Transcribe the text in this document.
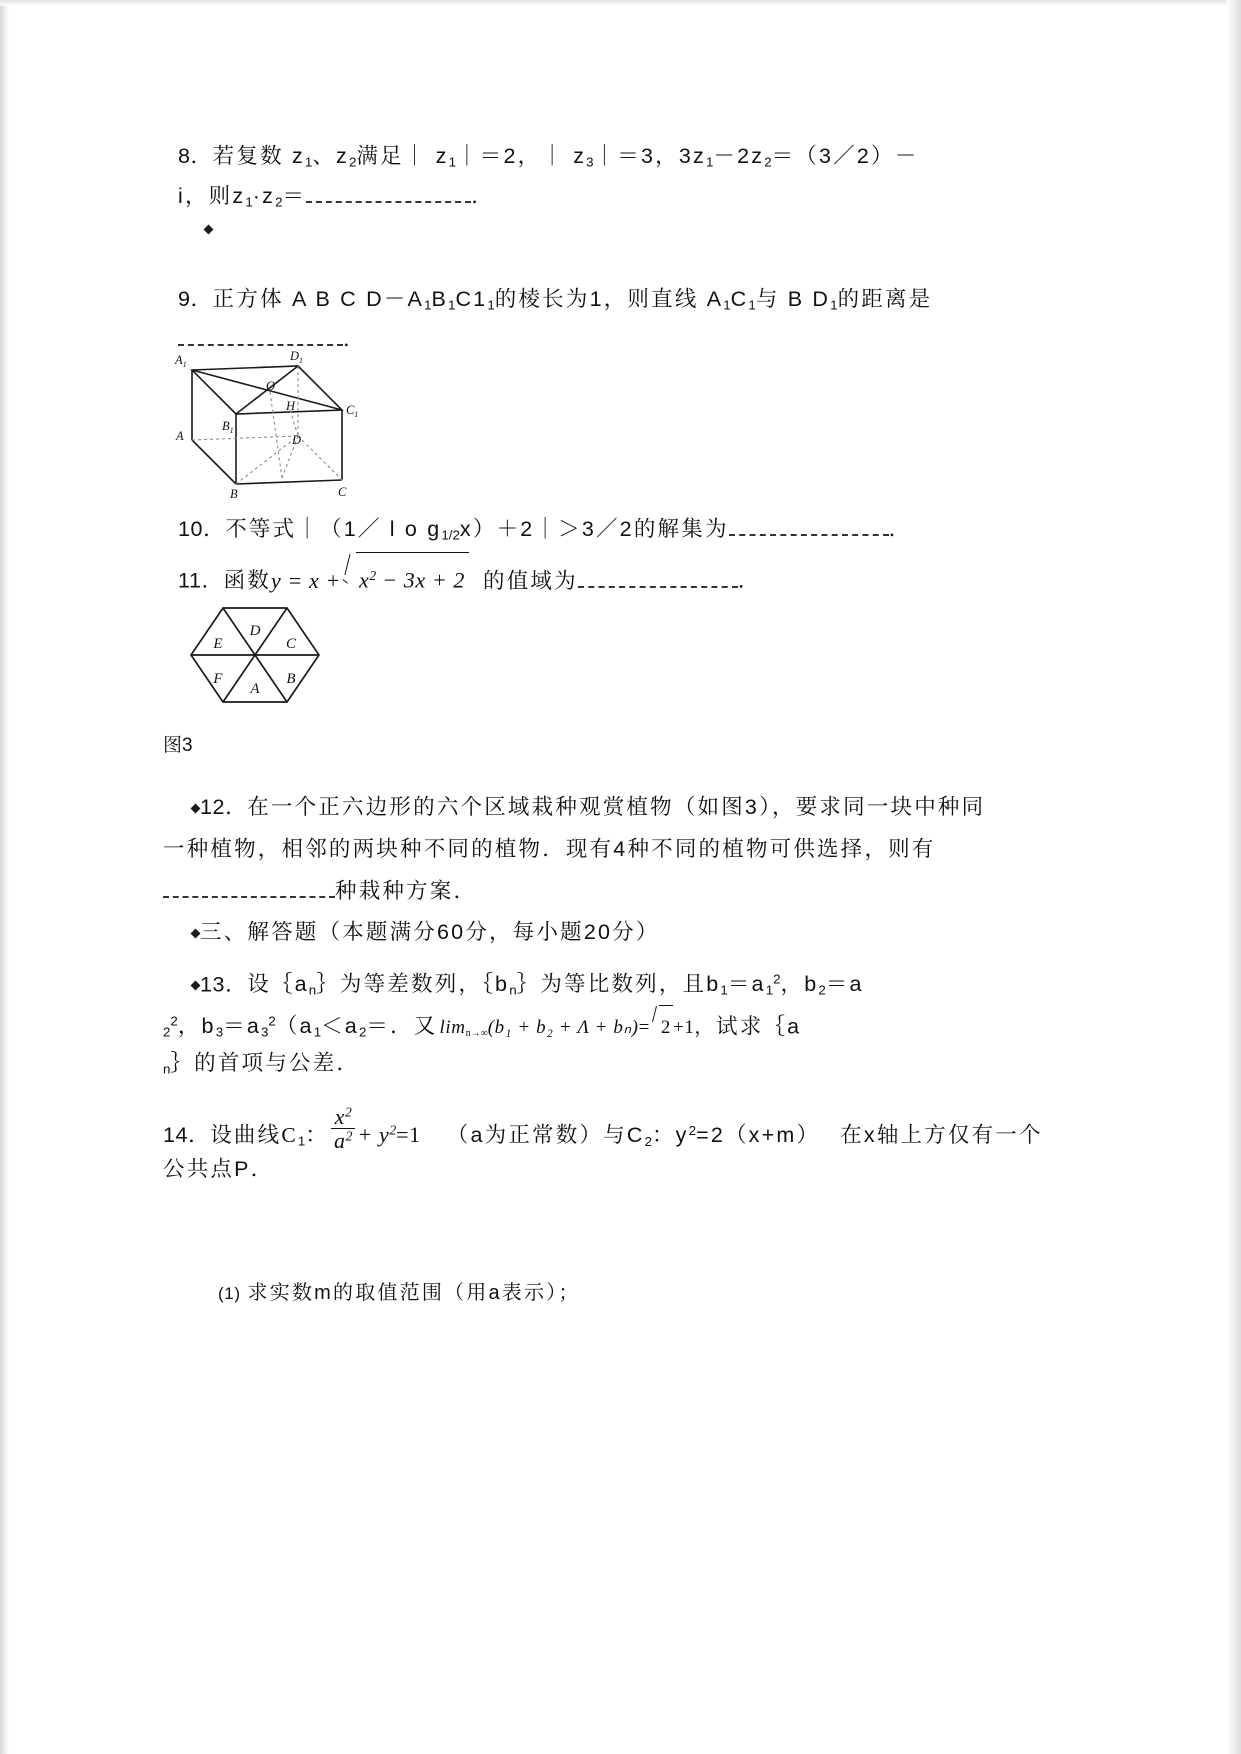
8．若复数 $z_1$、$z_2$满足｜ $z_1|=2$，｜ $z_3|=3$，$3z_1-2z_2=(3/2)-$
i，则$z_1\cdot z_2=$	．
9．正方体 A B C $D-A_1B_1C1_1$的棱长为1，则直线 $A_1C_1$与 B $D_1$的距离是
．
$A_1$
$D_1$
$B_1$
$C_1$
O
H
A	D
B	C
10．不等式｜（1／ l o $g_{1/2}x)+2|>3/2$的解集为	．
11．函数$y = x + x^2 - 3x + 2$ 的值域为	．
E
D
C
F
A
B
图3
12．在一个正六边形的六个区域栽种观赏植物（如图3），要求同一块中种同
一种植物，相邻的两块种不同的植物．现有4种不同的植物可供选择，则有
种栽种方案．
三、解答题（本题满分60分，每小题20分）
13．设$\{a_n\}$为等差数列，$\{b_n\}$为等比数列，且$b_1=a_1^2$，$b_2=a$
$_2^2$，$b_3=a_3^2(a_1<a_2=$．又 $\lim_{n\to\infty}(b_1 + b_2 + \Lambda + b_n)= 2 +1$，试求｛a
$_n$｝的首项与公差．
14．设曲线$C_1$： $\frac{x^2}{a^2} + y^2=1$ （a为正常数）与$C_2$：$y^2=2(x+m)$ 在x轴上方仅有一个
公共点P．
(1) 求实数m的取值范围（用a表示）；
